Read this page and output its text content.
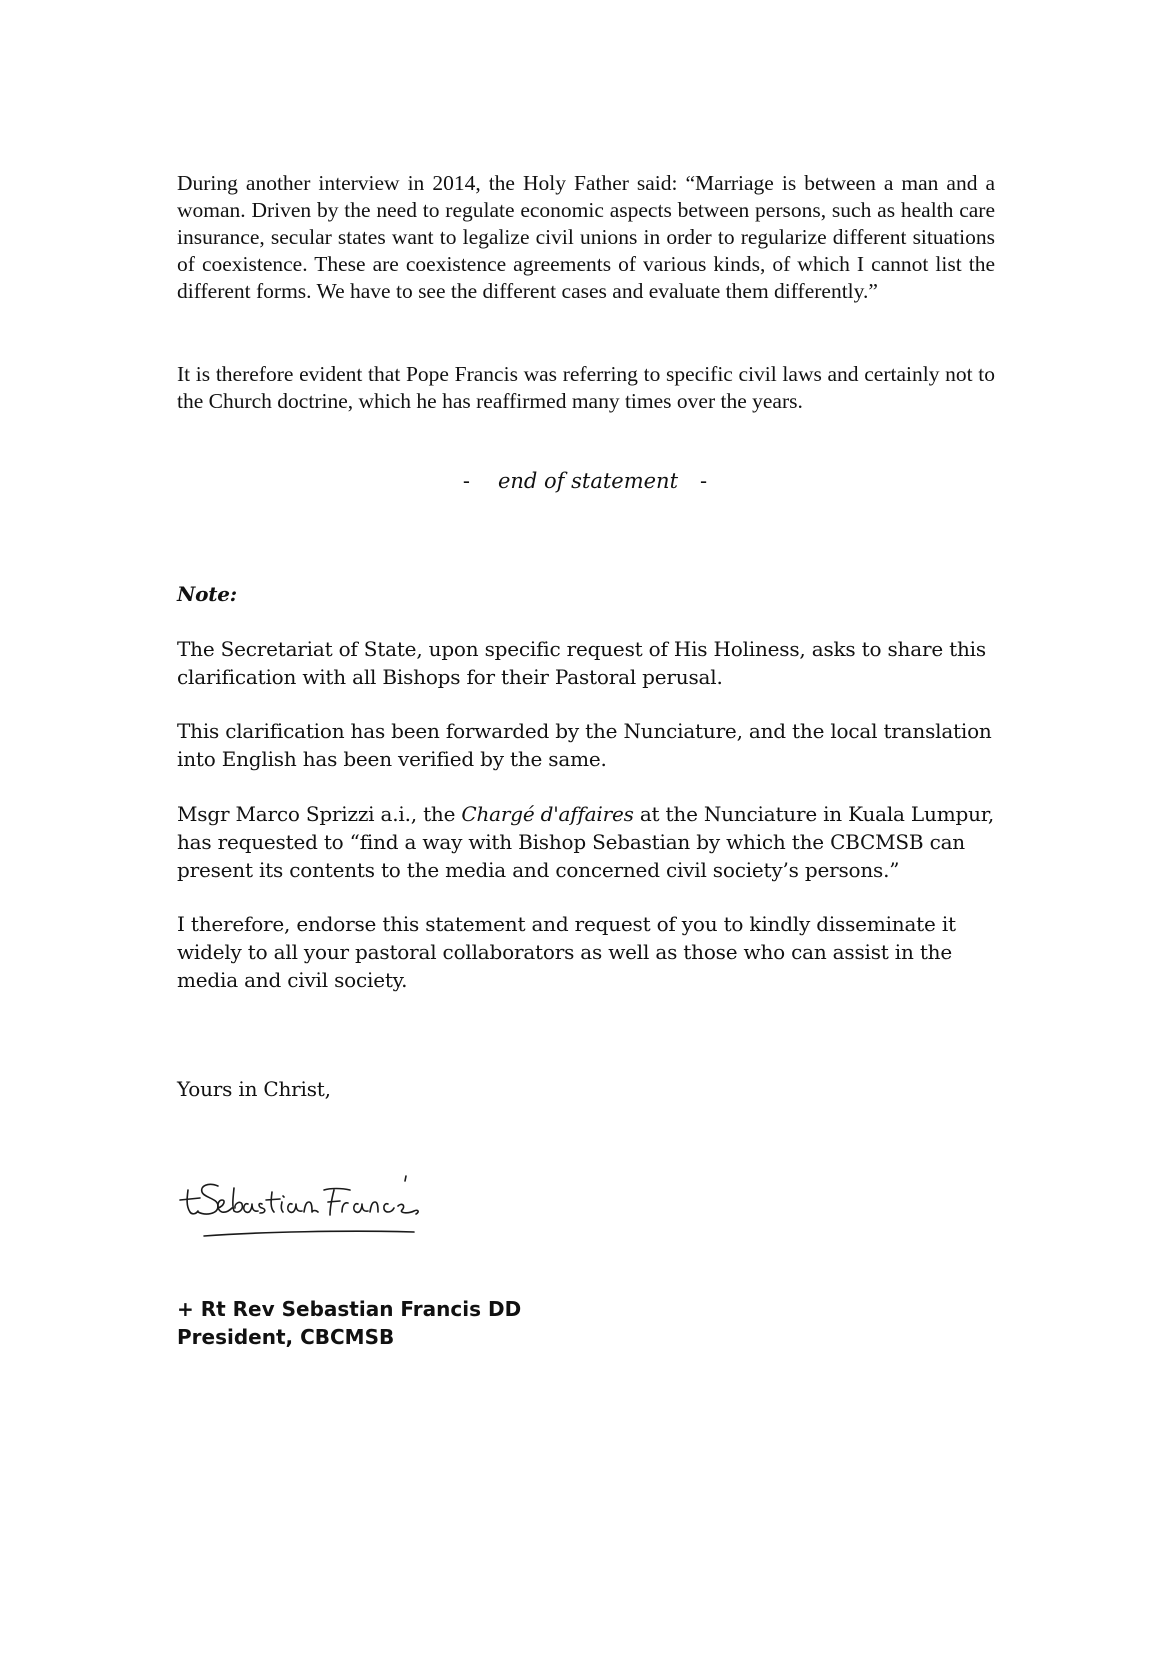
During another interview in 2014, the Holy Father said: “Marriage is between a man and a woman. Driven by the need to regulate economic aspects between persons, such as health care insurance, secular states want to legalize civil unions in order to regularize different situations of coexistence. These are coexistence agreements of various kinds, of which I cannot list the different forms. We have to see the different cases and evaluate them differently.”

It is therefore evident that Pope Francis was referring to specific civil laws and certainly not to the Church doctrine, which he has reaffirmed many times over the years.

- end of statement -

Note:

The Secretariat of State, upon specific request of His Holiness, asks to share this clarification with all Bishops for their Pastoral perusal.

This clarification has been forwarded by the Nunciature, and the local translation into English has been verified by the same.

Msgr Marco Sprizzi a.i., the Chargé d'affaires at the Nunciature in Kuala Lumpur, has requested to “find a way with Bishop Sebastian by which the CBCMSB can present its contents to the media and concerned civil society’s persons.”

I therefore, endorse this statement and request of you to kindly disseminate it widely to all your pastoral collaborators as well as those who can assist in the media and civil society.

Yours in Christ,

+ Rt Rev Sebastian Francis DD

President, CBCMSB
